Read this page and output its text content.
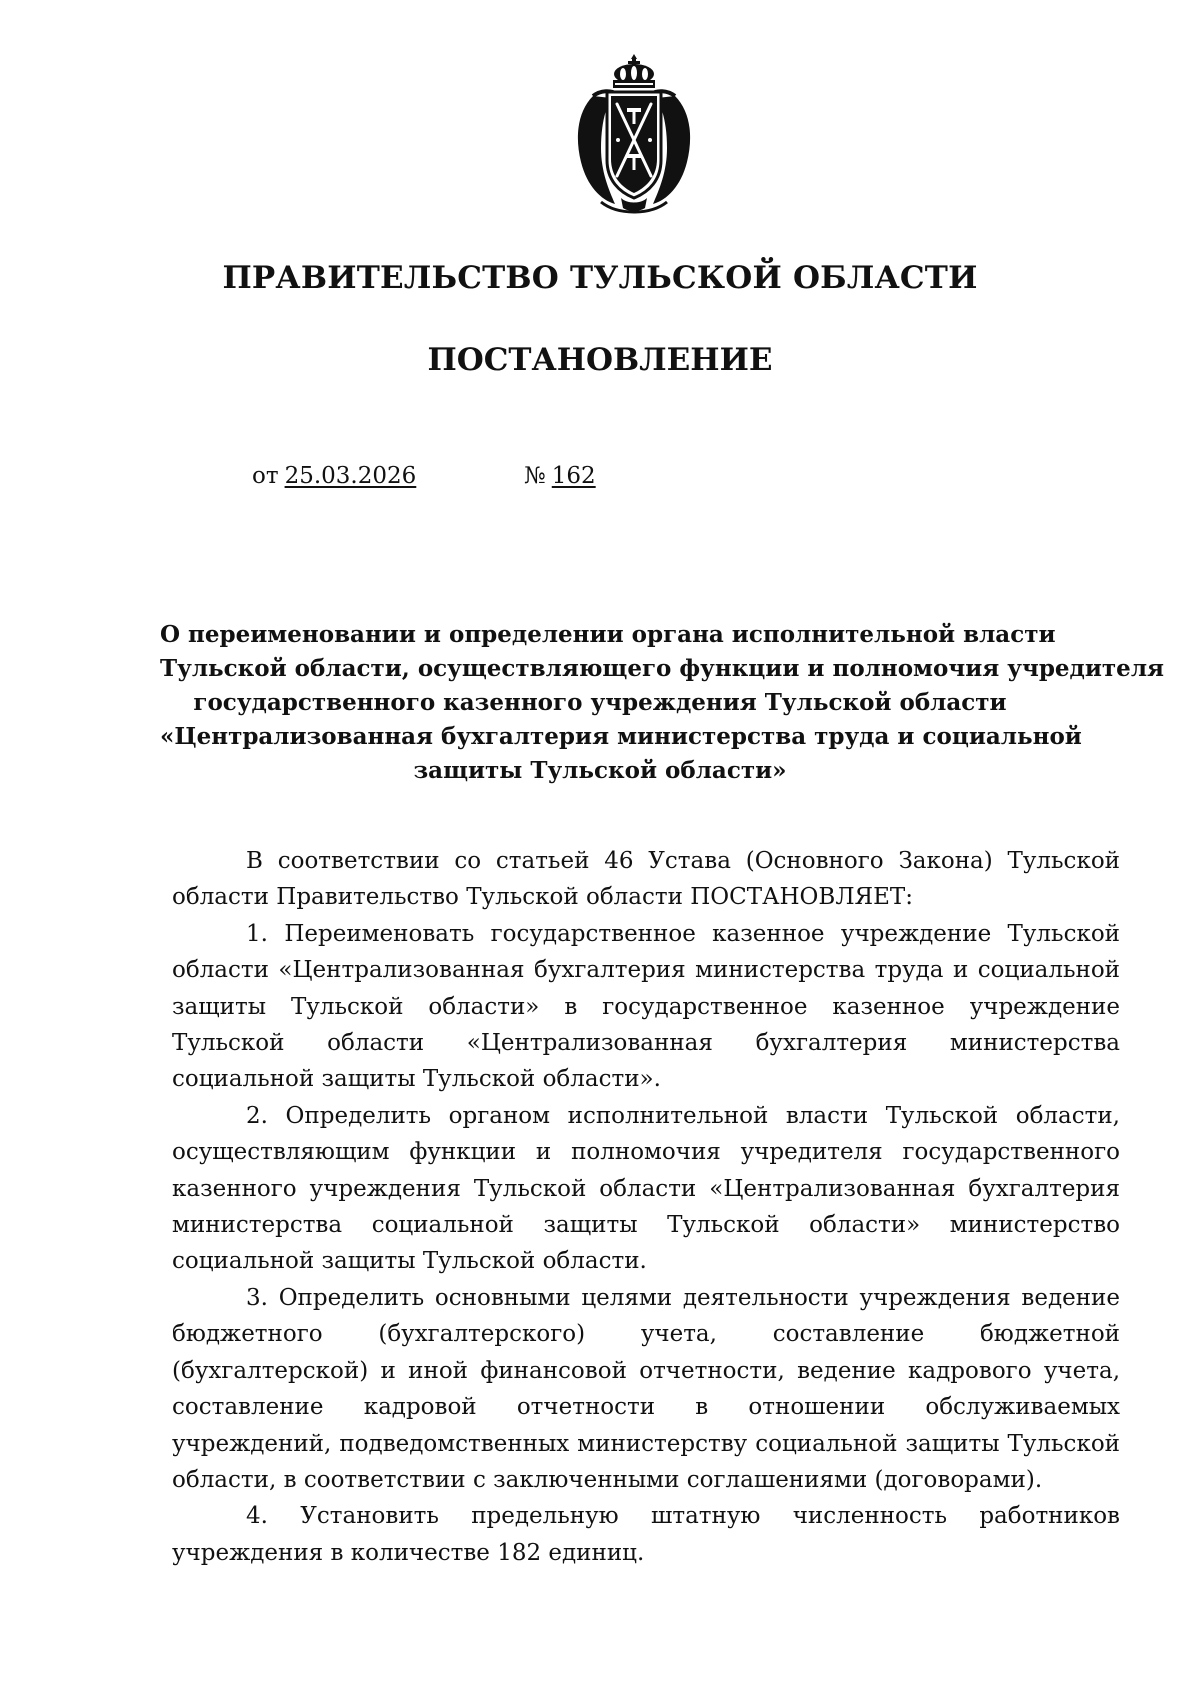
ПРАВИТЕЛЬСТВО ТУЛЬСКОЙ ОБЛАСТИ
ПОСТАНОВЛЕНИЕ
от 25.03.2026	№ 162
О переименовании и определении органа исполнительной власти
Тульской области, осуществляющего функции и полномочия учредителя
государственного казенного учреждения Тульской области
«Централизованная бухгалтерия министерства труда и социальной
защиты Тульской области»

В соответствии со статьей 46 Устава (Основного Закона) Тульской области Правительство Тульской области ПОСТАНОВЛЯЕТ:

1. Переименовать государственное казенное учреждение Тульской области «Централизованная бухгалтерия министерства труда и социальной защиты Тульской области» в государственное казенное учреждение Тульской области «Централизованная бухгалтерия министерства социальной защиты Тульской области».

2. Определить органом исполнительной власти Тульской области, осуществляющим функции и полномочия учредителя государственного казенного учреждения Тульской области «Централизованная бухгалтерия министерства социальной защиты Тульской области» министерство социальной защиты Тульской области.

3. Определить основными целями деятельности учреждения ведение бюджетного (бухгалтерского) учета, составление бюджетной (бухгалтерской) и иной финансовой отчетности, ведение кадрового учета, составление кадровой отчетности в отношении обслуживаемых учреждений, подведомственных министерству социальной защиты Тульской области, в соответствии с заключенными соглашениями (договорами).

4. Установить предельную штатную численность работников учреждения в количестве 182 единиц.
